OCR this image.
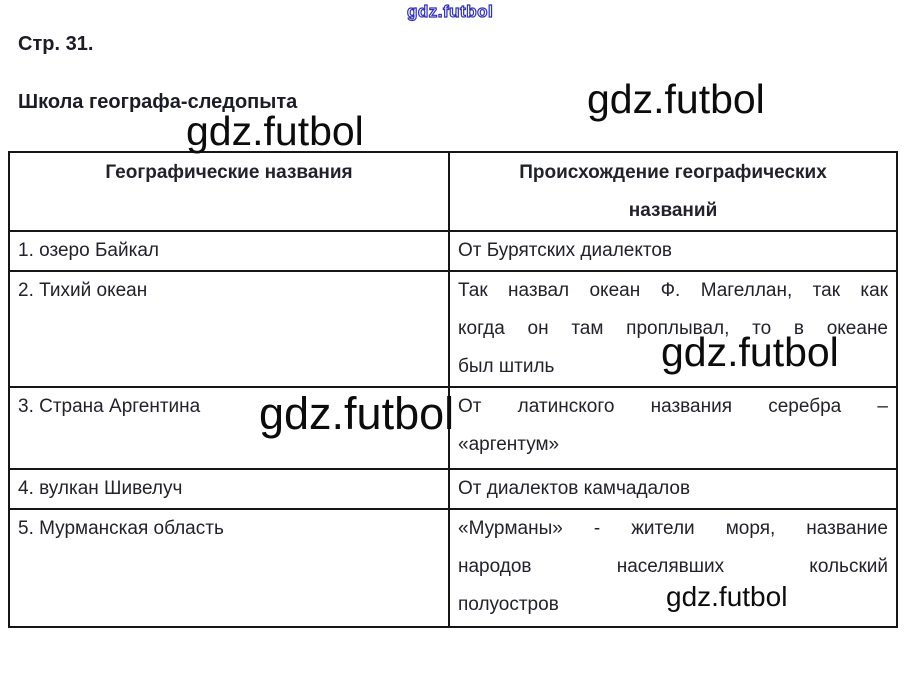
gdz.futbol
Стр. 31.
Школа географа-следопыта	gdz.futbol
gdz.futbol
gdz.futbol
gdz.futbol
gdz.futbol
Географические названия	Происхождение географических
названий

1. озеро Байкал	От Бурятских диалектов

2. Тихий океан	Так назвал океан Ф. Магеллан, так как
когда он там проплывал, то в океане
был штиль

3. Страна Аргентина	От латинского названия серебра –
«аргентум»

4. вулкан Шивелуч	От диалектов камчадалов

5. Мурманская область	«Мурманы» - жители моря, название
народов населявших кольский
полуостров
